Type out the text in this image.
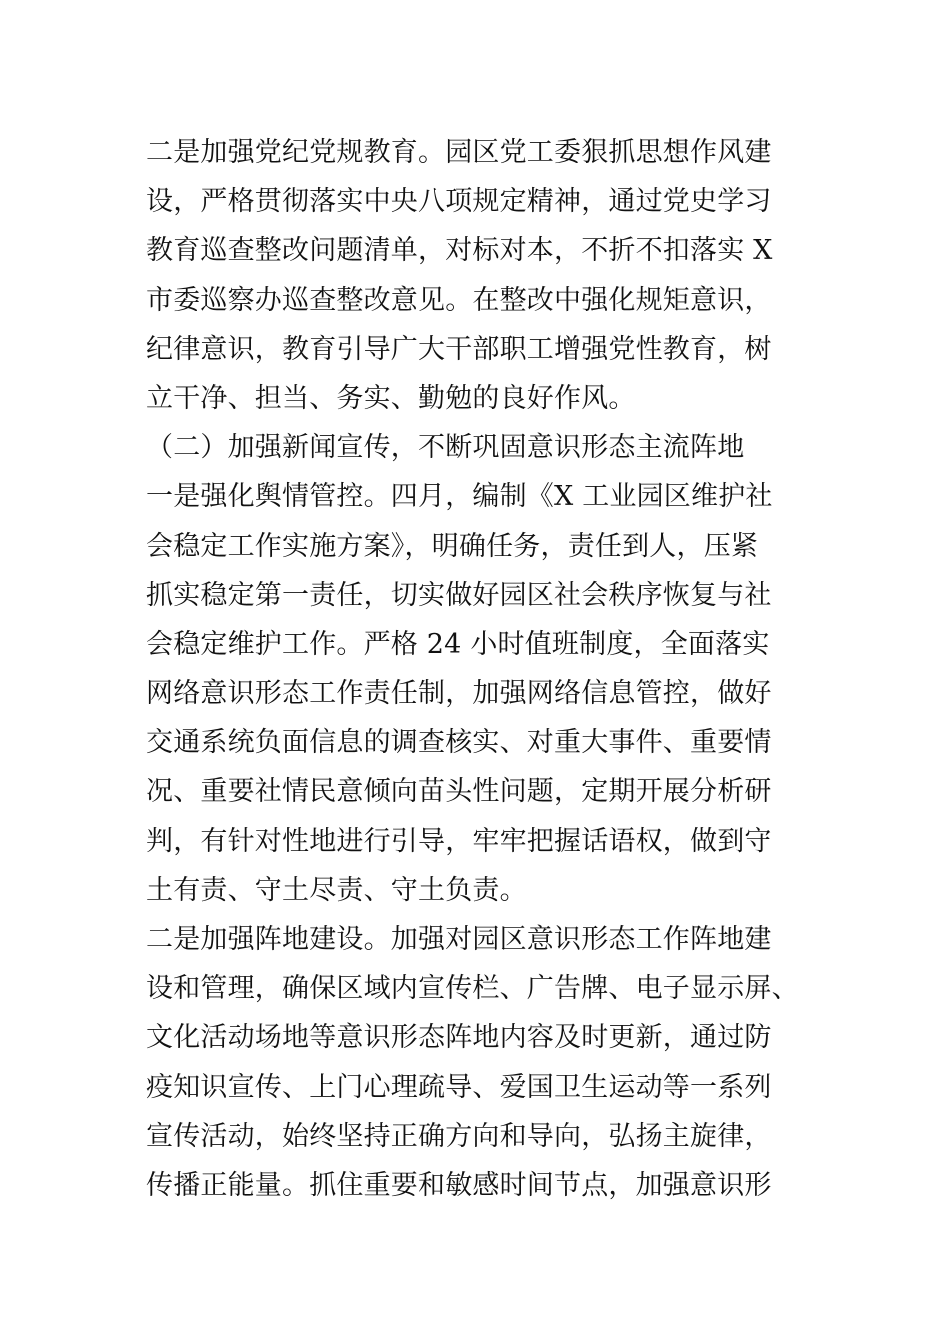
二是加强党纪党规教育。园区党工委狠抓思想作风建
设，严格贯彻落实中央八项规定精神，通过党史学习
教育巡查整改问题清单，对标对本，不折不扣落实 X
市委巡察办巡查整改意见。在整改中强化规矩意识，
纪律意识，教育引导广大干部职工增强党性教育，树
立干净、担当、务实、勤勉的良好作风。
（二）加强新闻宣传，不断巩固意识形态主流阵地
一是强化舆情管控。四月，编制《X 工业园区维护社
会稳定工作实施方案》，明确任务，责任到人，压紧
抓实稳定第一责任，切实做好园区社会秩序恢复与社
会稳定维护工作。严格 24 小时值班制度，全面落实
网络意识形态工作责任制，加强网络信息管控，做好
交通系统负面信息的调查核实、对重大事件、重要情
况、重要社情民意倾向苗头性问题，定期开展分析研
判，有针对性地进行引导，牢牢把握话语权，做到守
土有责、守土尽责、守土负责。
二是加强阵地建设。加强对园区意识形态工作阵地建
设和管理，确保区域内宣传栏、广告牌、电子显示屏、
文化活动场地等意识形态阵地内容及时更新，通过防
疫知识宣传、上门心理疏导、爱国卫生运动等一系列
宣传活动，始终坚持正确方向和导向，弘扬主旋律，
传播正能量。抓住重要和敏感时间节点，加强意识形
